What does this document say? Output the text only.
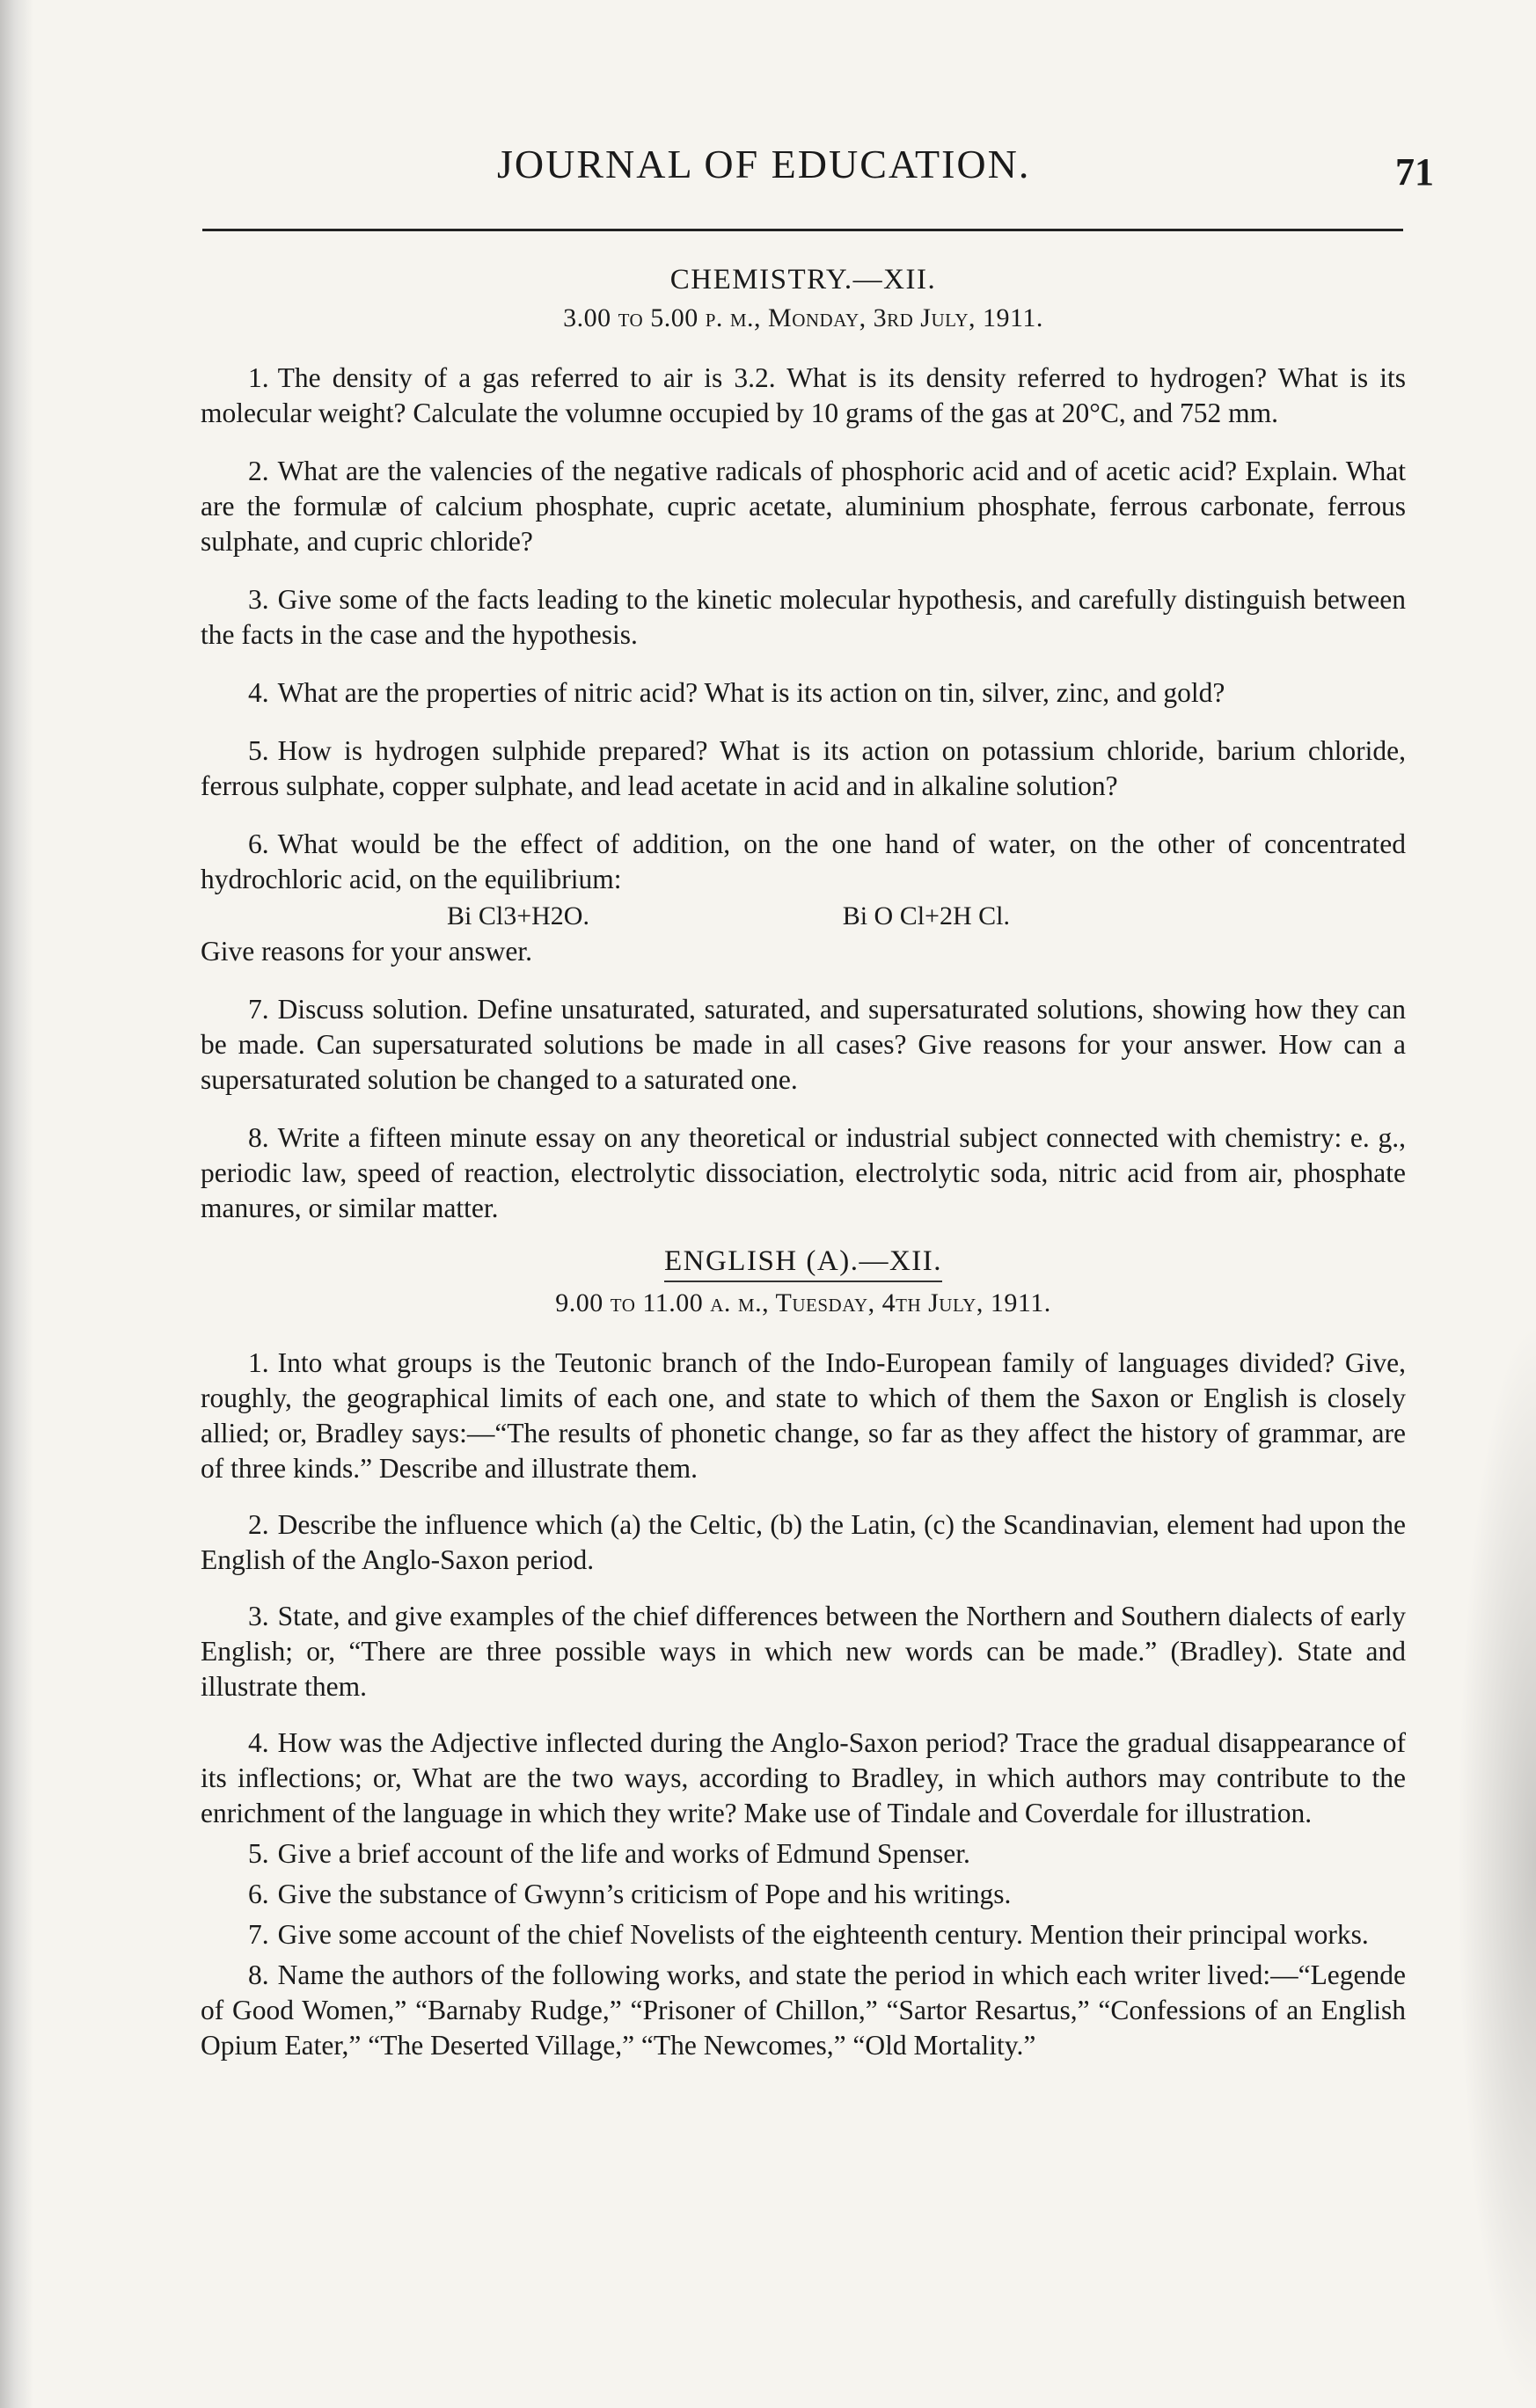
JOURNAL OF EDUCATION.	71

CHEMISTRY.—XII.

3.00 to 5.00 p. m., Monday, 3rd July, 1911.

1. The density of a gas referred to air is 3.2. What is its density referred to hydrogen? What is its molecular weight? Calculate the volumne occupied by 10 grams of the gas at 20°C, and 752 mm.

2. What are the valencies of the negative radicals of phosphoric acid and of acetic acid? Explain. What are the formulæ of calcium phosphate, cupric acetate, aluminium phosphate, ferrous carbonate, ferrous sulphate, and cupric chloride?

3. Give some of the facts leading to the kinetic molecular hypothesis, and carefully distinguish between the facts in the case and the hypothesis.

4. What are the properties of nitric acid? What is its action on tin, silver, zinc, and gold?

5. How is hydrogen sulphide prepared? What is its action on potassium chloride, barium chloride, ferrous sulphate, copper sulphate, and lead acetate in acid and in alkaline solution?

6. What would be the effect of addition, on the one hand of water, on the other of concentrated hydrochloric acid, on the equilibrium:

Bi Cl3+H2O.	Bi O Cl+2H Cl.

Give reasons for your answer.

7. Discuss solution. Define unsaturated, saturated, and supersaturated solutions, showing how they can be made. Can supersaturated solutions be made in all cases? Give reasons for your answer. How can a supersaturated solution be changed to a saturated one.

8. Write a fifteen minute essay on any theoretical or industrial subject connected with chemistry: e. g., periodic law, speed of reaction, electrolytic dissociation, electrolytic soda, nitric acid from air, phosphate manures, or similar matter.

ENGLISH (A).—XII.

9.00 to 11.00 a. m., Tuesday, 4th July, 1911.

1. Into what groups is the Teutonic branch of the Indo-European family of languages divided? Give, roughly, the geographical limits of each one, and state to which of them the Saxon or English is closely allied; or, Bradley says:—“The results of phonetic change, so far as they affect the history of grammar, are of three kinds.” Describe and illustrate them.

2. Describe the influence which (a) the Celtic, (b) the Latin, (c) the Scandinavian, element had upon the English of the Anglo-Saxon period.

3. State, and give examples of the chief differences between the Northern and Southern dialects of early English; or, “There are three possible ways in which new words can be made.” (Bradley). State and illustrate them.

4. How was the Adjective inflected during the Anglo-Saxon period? Trace the gradual disappearance of its inflections; or, What are the two ways, according to Bradley, in which authors may contribute to the enrichment of the language in which they write? Make use of Tindale and Coverdale for illustration.

5. Give a brief account of the life and works of Edmund Spenser.

6. Give the substance of Gwynn’s criticism of Pope and his writings.

7. Give some account of the chief Novelists of the eighteenth century. Mention their principal works.

8. Name the authors of the following works, and state the period in which each writer lived:—“Legende of Good Women,” “Barnaby Rudge,” “Prisoner of Chillon,” “Sartor Resartus,” “Confessions of an English Opium Eater,” “The Deserted Village,” “The Newcomes,” “Old Mortality.”
